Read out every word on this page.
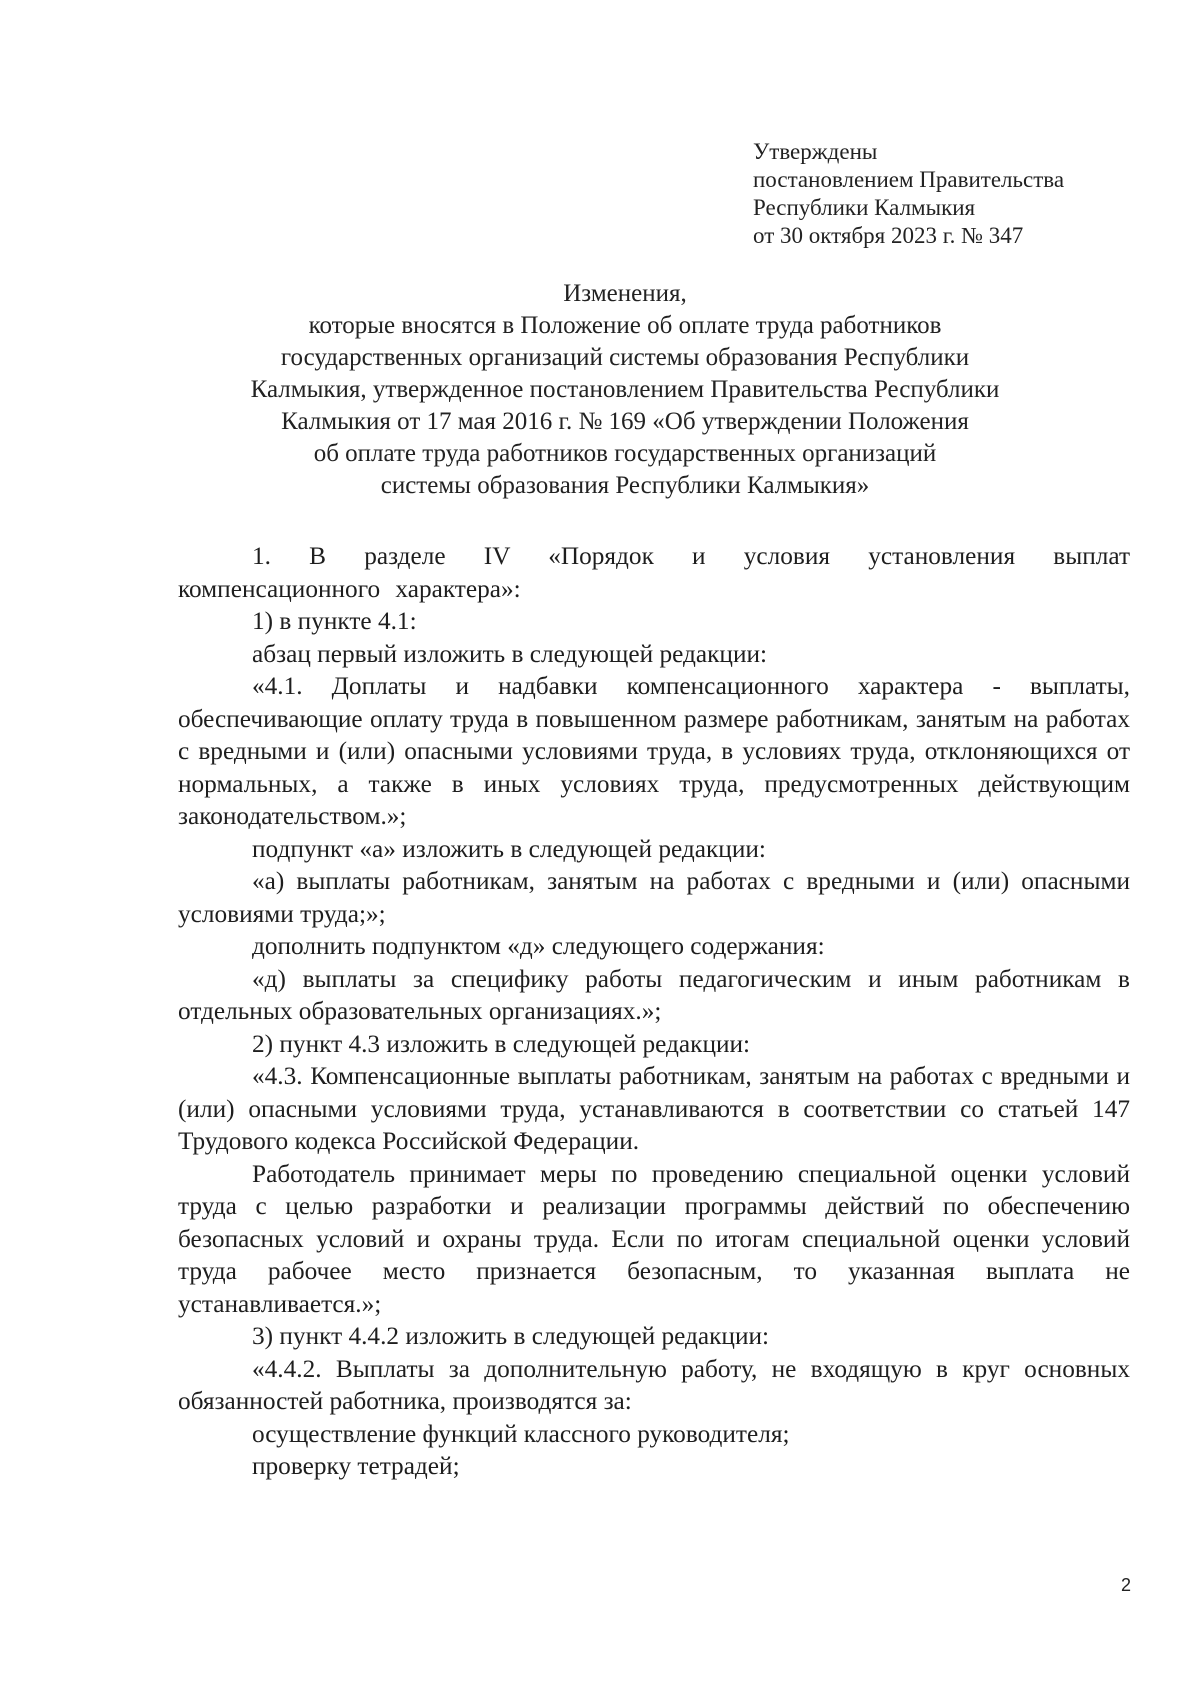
Утверждены
постановлением Правительства
Республики Калмыкия
от 30 октября 2023 г. № 347
Изменения,
которые вносятся в Положение об оплате труда работников
государственных организаций системы образования Республики
Калмыкия, утвержденное постановлением Правительства Республики
Калмыкия от 17 мая 2016 г. № 169 «Об утверждении Положения
об оплате труда работников государственных организаций
системы образования Республики Калмыкия»

1. В разделе IV «Порядок и условия установления выплат компенсационного характера»:

1) в пункте 4.1:

абзац первый изложить в следующей редакции:

«4.1. Доплаты и надбавки компенсационного характера - выплаты, обеспечивающие оплату труда в повышенном размере работникам, занятым на работах с вредными и (или) опасными условиями труда, в условиях труда, отклоняющихся от нормальных, а также в иных условиях труда, предусмотренных действующим законодательством.»;

подпункт «а» изложить в следующей редакции:

«а) выплаты работникам, занятым на работах с вредными и (или) опасными условиями труда;»;

дополнить подпунктом «д» следующего содержания:

«д) выплаты за специфику работы педагогическим и иным работникам в отдельных образовательных организациях.»;

2) пункт 4.3 изложить в следующей редакции:

«4.3. Компенсационные выплаты работникам, занятым на работах с вредными и (или) опасными условиями труда, устанавливаются в соответствии со статьей 147 Трудового кодекса Российской Федерации.

Работодатель принимает меры по проведению специальной оценки условий труда с целью разработки и реализации программы действий по обеспечению безопасных условий и охраны труда. Если по итогам специальной оценки условий труда рабочее место признается безопасным, то указанная выплата не устанавливается.»;

3) пункт 4.4.2 изложить в следующей редакции:

«4.4.2. Выплаты за дополнительную работу, не входящую в круг основных обязанностей работника, производятся за:

осуществление функций классного руководителя;

проверку тетрадей;

2
